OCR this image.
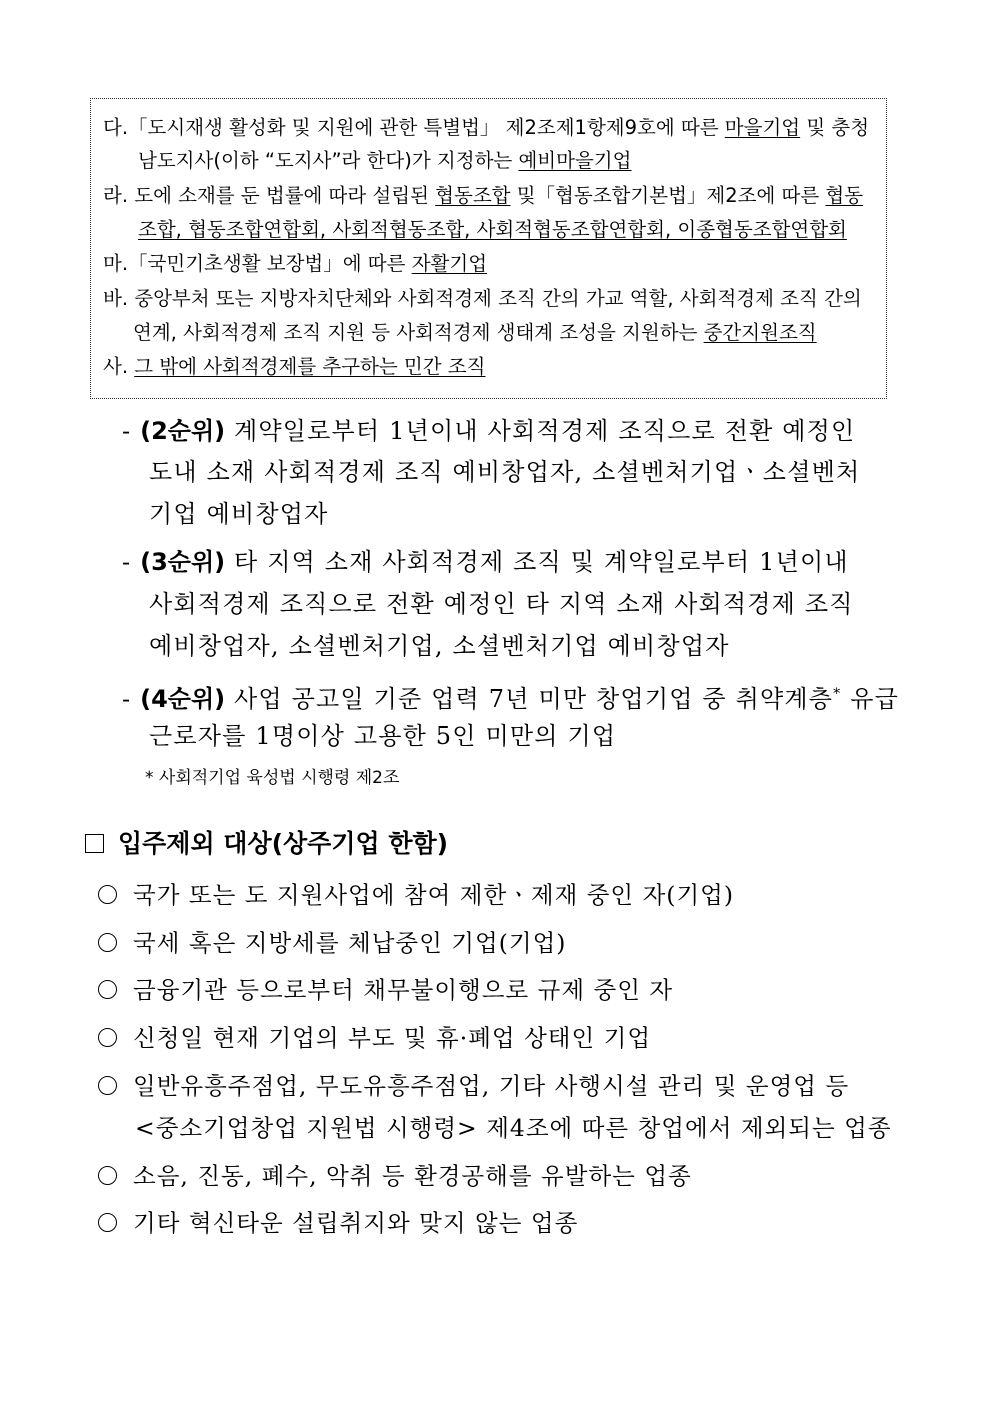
다.「도시재생 활성화 및 지원에 관한 특별법」 제2조제1항제9호에 따른 마을기업 및 충청
남도지사(이하 “도지사”라 한다)가 지정하는 예비마을기업
라. 도에 소재를 둔 법률에 따라 설립된 협동조합 및「협동조합기본법」제2조에 따른 협동
조합, 협동조합연합회, 사회적협동조합, 사회적협동조합연합회, 이종협동조합연합회
마.「국민기초생활 보장법」에 따른 자활기업
바. 중앙부처 또는 지방자치단체와 사회적경제 조직 간의 가교 역할, 사회적경제 조직 간의
연계, 사회적경제 조직 지원 등 사회적경제 생태계 조성을 지원하는 중간지원조직
사. 그 밖에 사회적경제를 추구하는 민간 조직
- (2순위) 계약일로부터 1년이내 사회적경제 조직으로 전환 예정인
도내 소재 사회적경제 조직 예비창업자, 소셜벤처기업ㆍ소셜벤처
기업 예비창업자
- (3순위) 타 지역 소재 사회적경제 조직 및 계약일로부터 1년이내
사회적경제 조직으로 전환 예정인 타 지역 소재 사회적경제 조직
예비창업자, 소셜벤처기업, 소셜벤처기업 예비창업자
- (4순위) 사업 공고일 기준 업력 7년 미만 창업기업 중 취약계층* 유급
근로자를 1명이상 고용한 5인 미만의 기업
* 사회적기업 육성법 시행령 제2조
입주제외 대상(상주기업 한함)
국가 또는 도 지원사업에 참여 제한ㆍ제재 중인 자(기업)
국세 혹은 지방세를 체납중인 기업(기업)
금융기관 등으로부터 채무불이행으로 규제 중인 자
신청일 현재 기업의 부도 및 휴·폐업 상태인 기업
일반유흥주점업, 무도유흥주점업, 기타 사행시설 관리 및 운영업 등
<중소기업창업 지원법 시행령> 제4조에 따른 창업에서 제외되는 업종
소음, 진동, 폐수, 악취 등 환경공해를 유발하는 업종
기타 혁신타운 설립취지와 맞지 않는 업종
